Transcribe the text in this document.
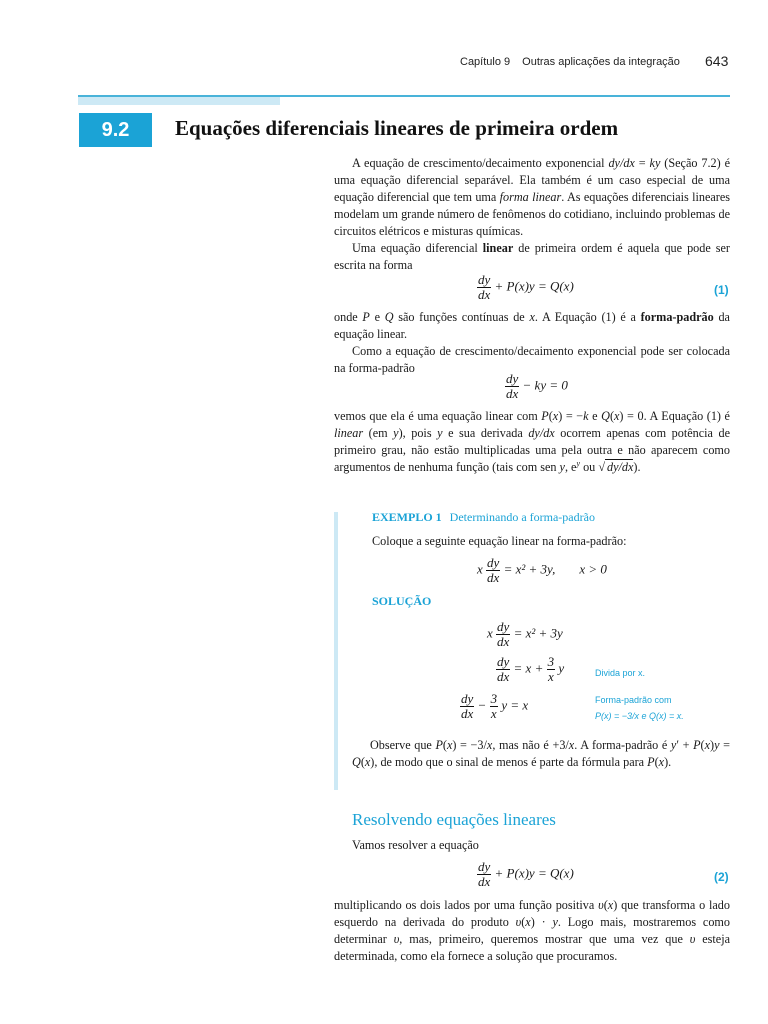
Capítulo 9 Outras aplicações da integração 643
9.2	Equações diferenciais lineares de primeira ordem

A equação de crescimento/decaimento exponencial dy/dx = ky (Seção 7.2) é uma equação diferencial separável. Ela também é um caso especial de uma equação diferencial que tem uma forma linear. As equações diferenciais lineares modelam um grande número de fenômenos do cotidiano, incluindo problemas de circuitos elétricos e misturas químicas.

Uma equação diferencial linear de primeira ordem é aquela que pode ser escrita na forma

$\frac{dy}{dx} + P(x)y = Q(x)$	(1)

onde P e Q são funções contínuas de x. A Equação (1) é a forma-padrão da equação linear.

Como a equação de crescimento/decaimento exponencial pode ser colocada na forma-padrão

$\frac{dy}{dx}$ − ky = 0

vemos que ela é uma equação linear com P(x) = −k e Q(x) = 0. A Equação (1) é linear (em y), pois y e sua derivada dy/dx ocorrem apenas com potência de primeiro grau, não estão multiplicadas uma pela outra e não aparecem como argumentos de nenhuma função (tais com sen y, $e^y$ ou √ dy/dx).

EXEMPLO 1 Determinando a forma-padrão
Coloque a seguinte equação linear na forma-padrão:
x $\frac{dy}{dx} = x^2 + 3y$, x > 0
SOLUÇÃO
x $\frac{dy}{dx} = x^2 + 3y$
$\frac{dy}{dx} = x + \frac{3}{x}$ y	Divida por x.
$\frac{dy}{dx} - \frac{3}{x}$ y = x	Forma-padrão com
P(x) = −3/x e Q(x) = x.

Observe que P(x) = −3/x, mas não é +3/x. A forma-padrão é y′ + P(x)y = Q(x), de modo que o sinal de menos é parte da fórmula para P(x).

Resolvendo equações lineares
Vamos resolver a equação
$\frac{dy}{dx} + P(x)y = Q(x)$	(2)

multiplicando os dois lados por uma função positiva υ(x) que transforma o lado esquerdo na derivada do produto υ(x) · y. Logo mais, mostraremos como determinar υ, mas, primeiro, queremos mostrar que uma vez que υ esteja determinada, como ela fornece a solução que procuramos.
